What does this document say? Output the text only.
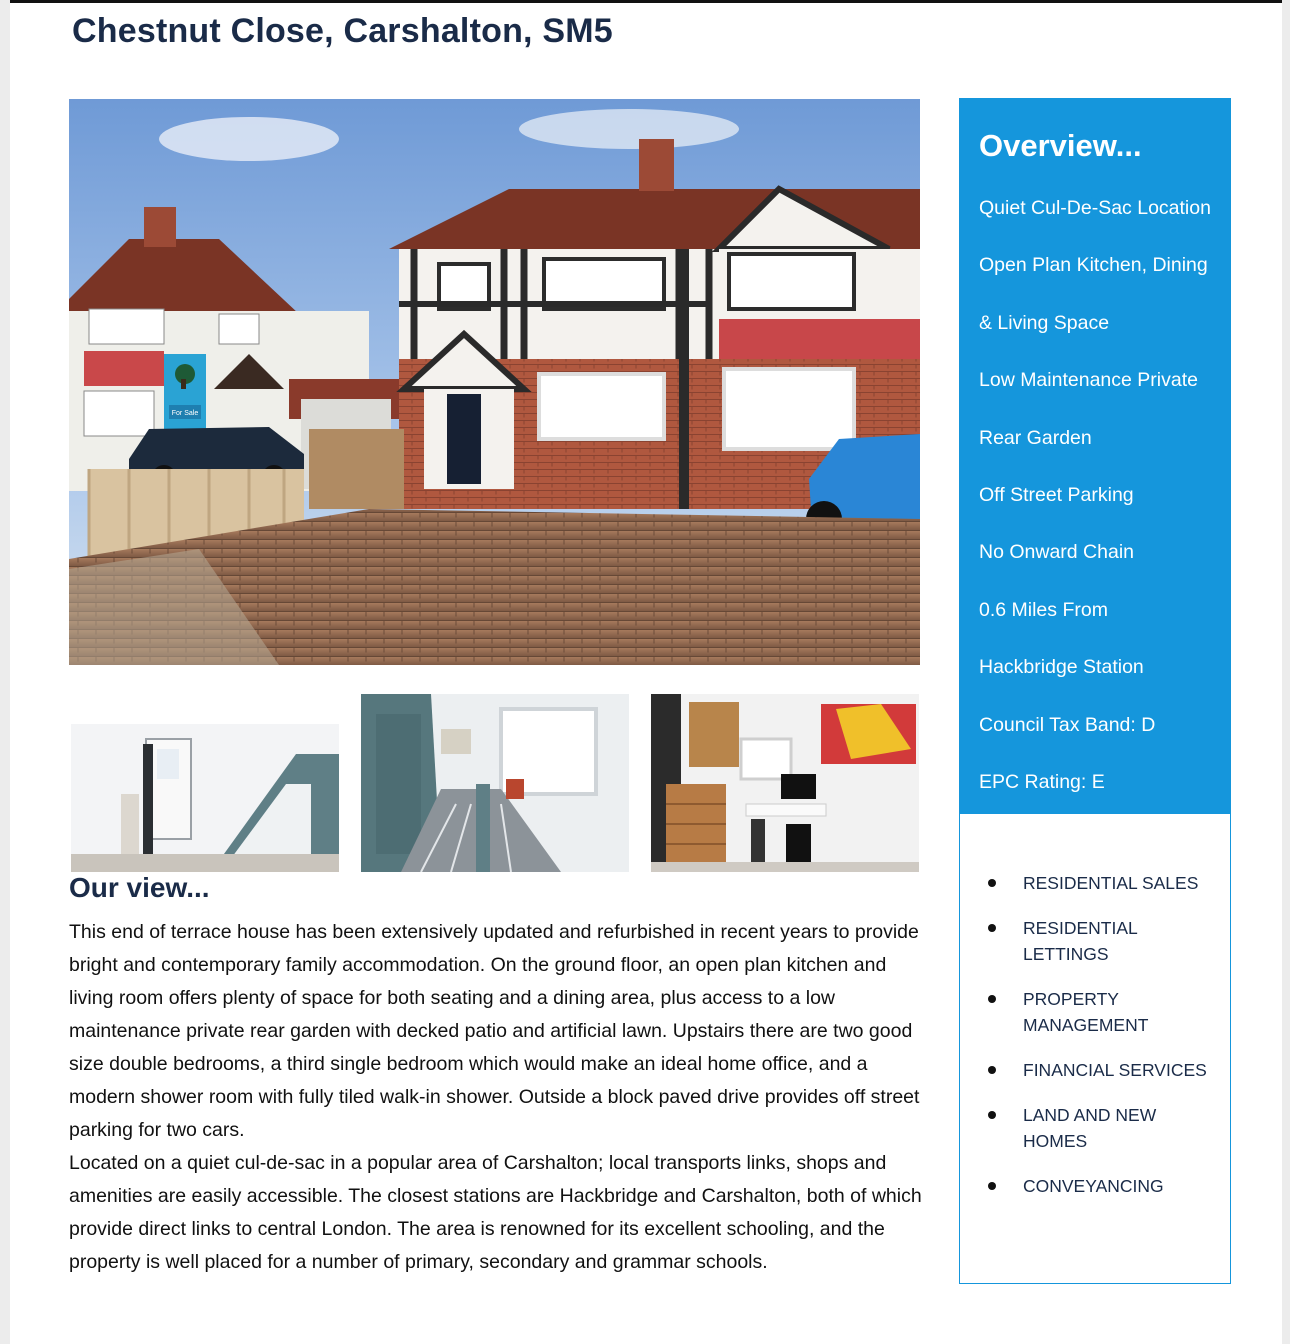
Chestnut Close, Carshalton, SM5
For Sale
Our view...

This end of terrace house has been extensively updated and refurbished in recent years to provide bright and contemporary family accommodation. On the ground floor, an open plan kitchen and living room offers plenty of space for both seating and a dining area, plus access to a low maintenance private rear garden with decked patio and artificial lawn. Upstairs there are two good size double bedrooms, a third single bedroom which would make an ideal home office, and a modern shower room with fully tiled walk-in shower. Outside a block paved drive provides off street parking for two cars.

Located on a quiet cul-de-sac in a popular area of Carshalton; local transports links, shops and amenities are easily accessible. The closest stations are Hackbridge and Carshalton, both of which provide direct links to central London. The area is renowned for its excellent schooling, and the property is well placed for a number of primary, secondary and grammar schools.

Overview...
Quiet Cul-De-Sac Location
Open Plan Kitchen, Dining
& Living Space
Low Maintenance Private
Rear Garden
Off Street Parking
No Onward Chain
0.6 Miles From
Hackbridge Station
Council Tax Band: D
EPC Rating: E
RESIDENTIAL SALES
RESIDENTIAL LETTINGS
PROPERTY MANAGEMENT
FINANCIAL SERVICES
LAND AND NEW HOMES
CONVEYANCING
